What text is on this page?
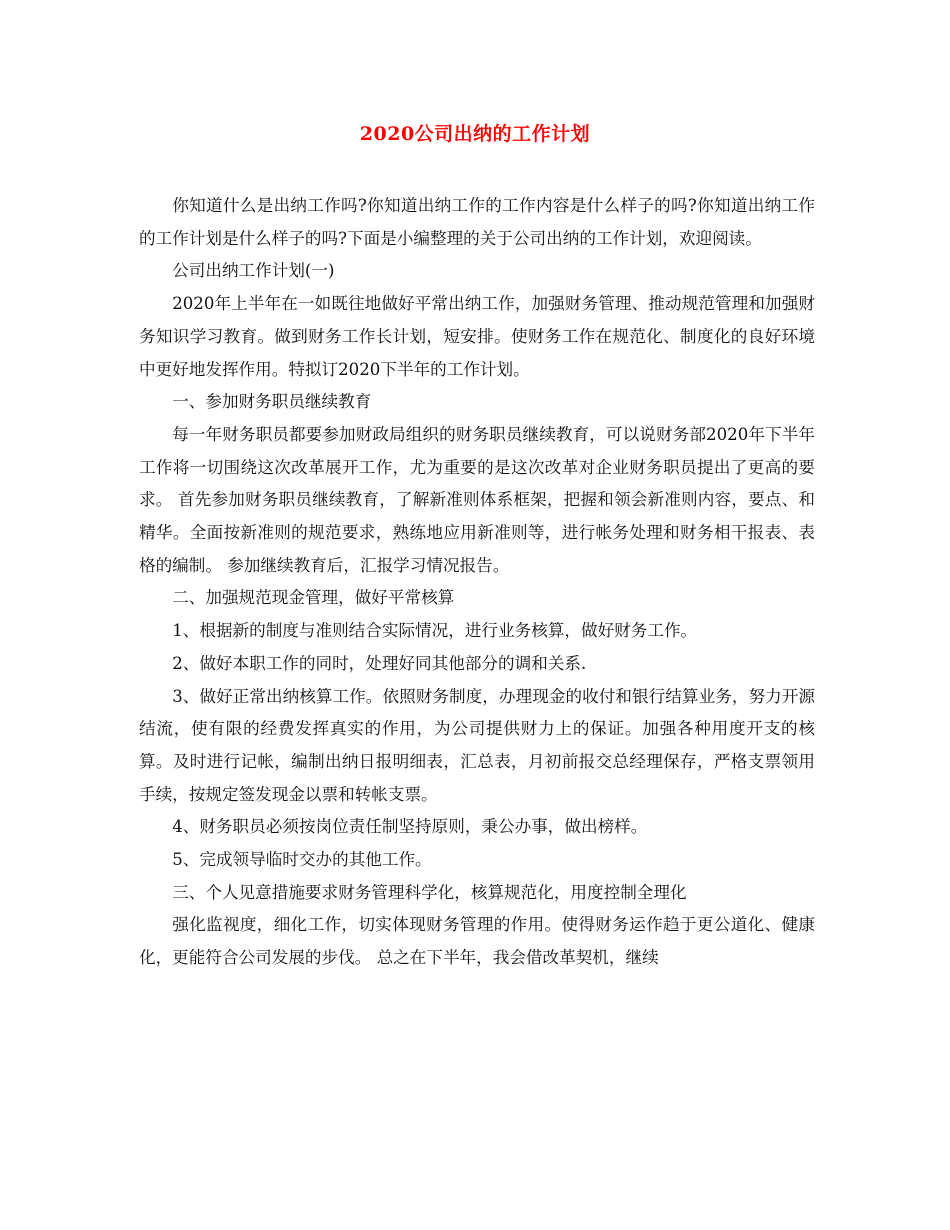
2020公司出纳的工作计划

你知道什么是出纳工作吗?你知道出纳工作的工作内容是什么样子的吗?你知道出纳工作的工作计划是什么样子的吗?下面是小编整理的关于公司出纳的工作计划，欢迎阅读。

公司出纳工作计划(一)

2020年上半年在一如既往地做好平常出纳工作，加强财务管理、推动规范管理和加强财务知识学习教育。做到财务工作长计划，短安排。使财务工作在规范化、制度化的良好环境中更好地发挥作用。特拟订2020下半年的工作计划。

一、参加财务职员继续教育

每一年财务职员都要参加财政局组织的财务职员继续教育，可以说财务部2020年下半年工作将一切围绕这次改革展开工作，尤为重要的是这次改革对企业财务职员提出了更高的要求。 首先参加财务职员继续教育，了解新准则体系框架，把握和领会新准则内容，要点、和精华。全面按新准则的规范要求，熟练地应用新准则等，进行帐务处理和财务相干报表、表格的编制。 参加继续教育后，汇报学习情况报告。

二、加强规范现金管理，做好平常核算

1、根据新的制度与准则结合实际情况，进行业务核算，做好财务工作。

2、做好本职工作的同时，处理好同其他部分的调和关系.

3、做好正常出纳核算工作。依照财务制度，办理现金的收付和银行结算业务，努力开源结流，使有限的经费发挥真实的作用，为公司提供财力上的保证。加强各种用度开支的核算。及时进行记帐，编制出纳日报明细表，汇总表，月初前报交总经理保存，严格支票领用手续，按规定签发现金以票和转帐支票。

4、财务职员必须按岗位责任制坚持原则，秉公办事，做出榜样。

5、完成领导临时交办的其他工作。

三、个人见意措施要求财务管理科学化，核算规范化，用度控制全理化

强化监视度，细化工作，切实体现财务管理的作用。使得财务运作趋于更公道化、健康化，更能符合公司发展的步伐。 总之在下半年，我会借改革契机，继续
